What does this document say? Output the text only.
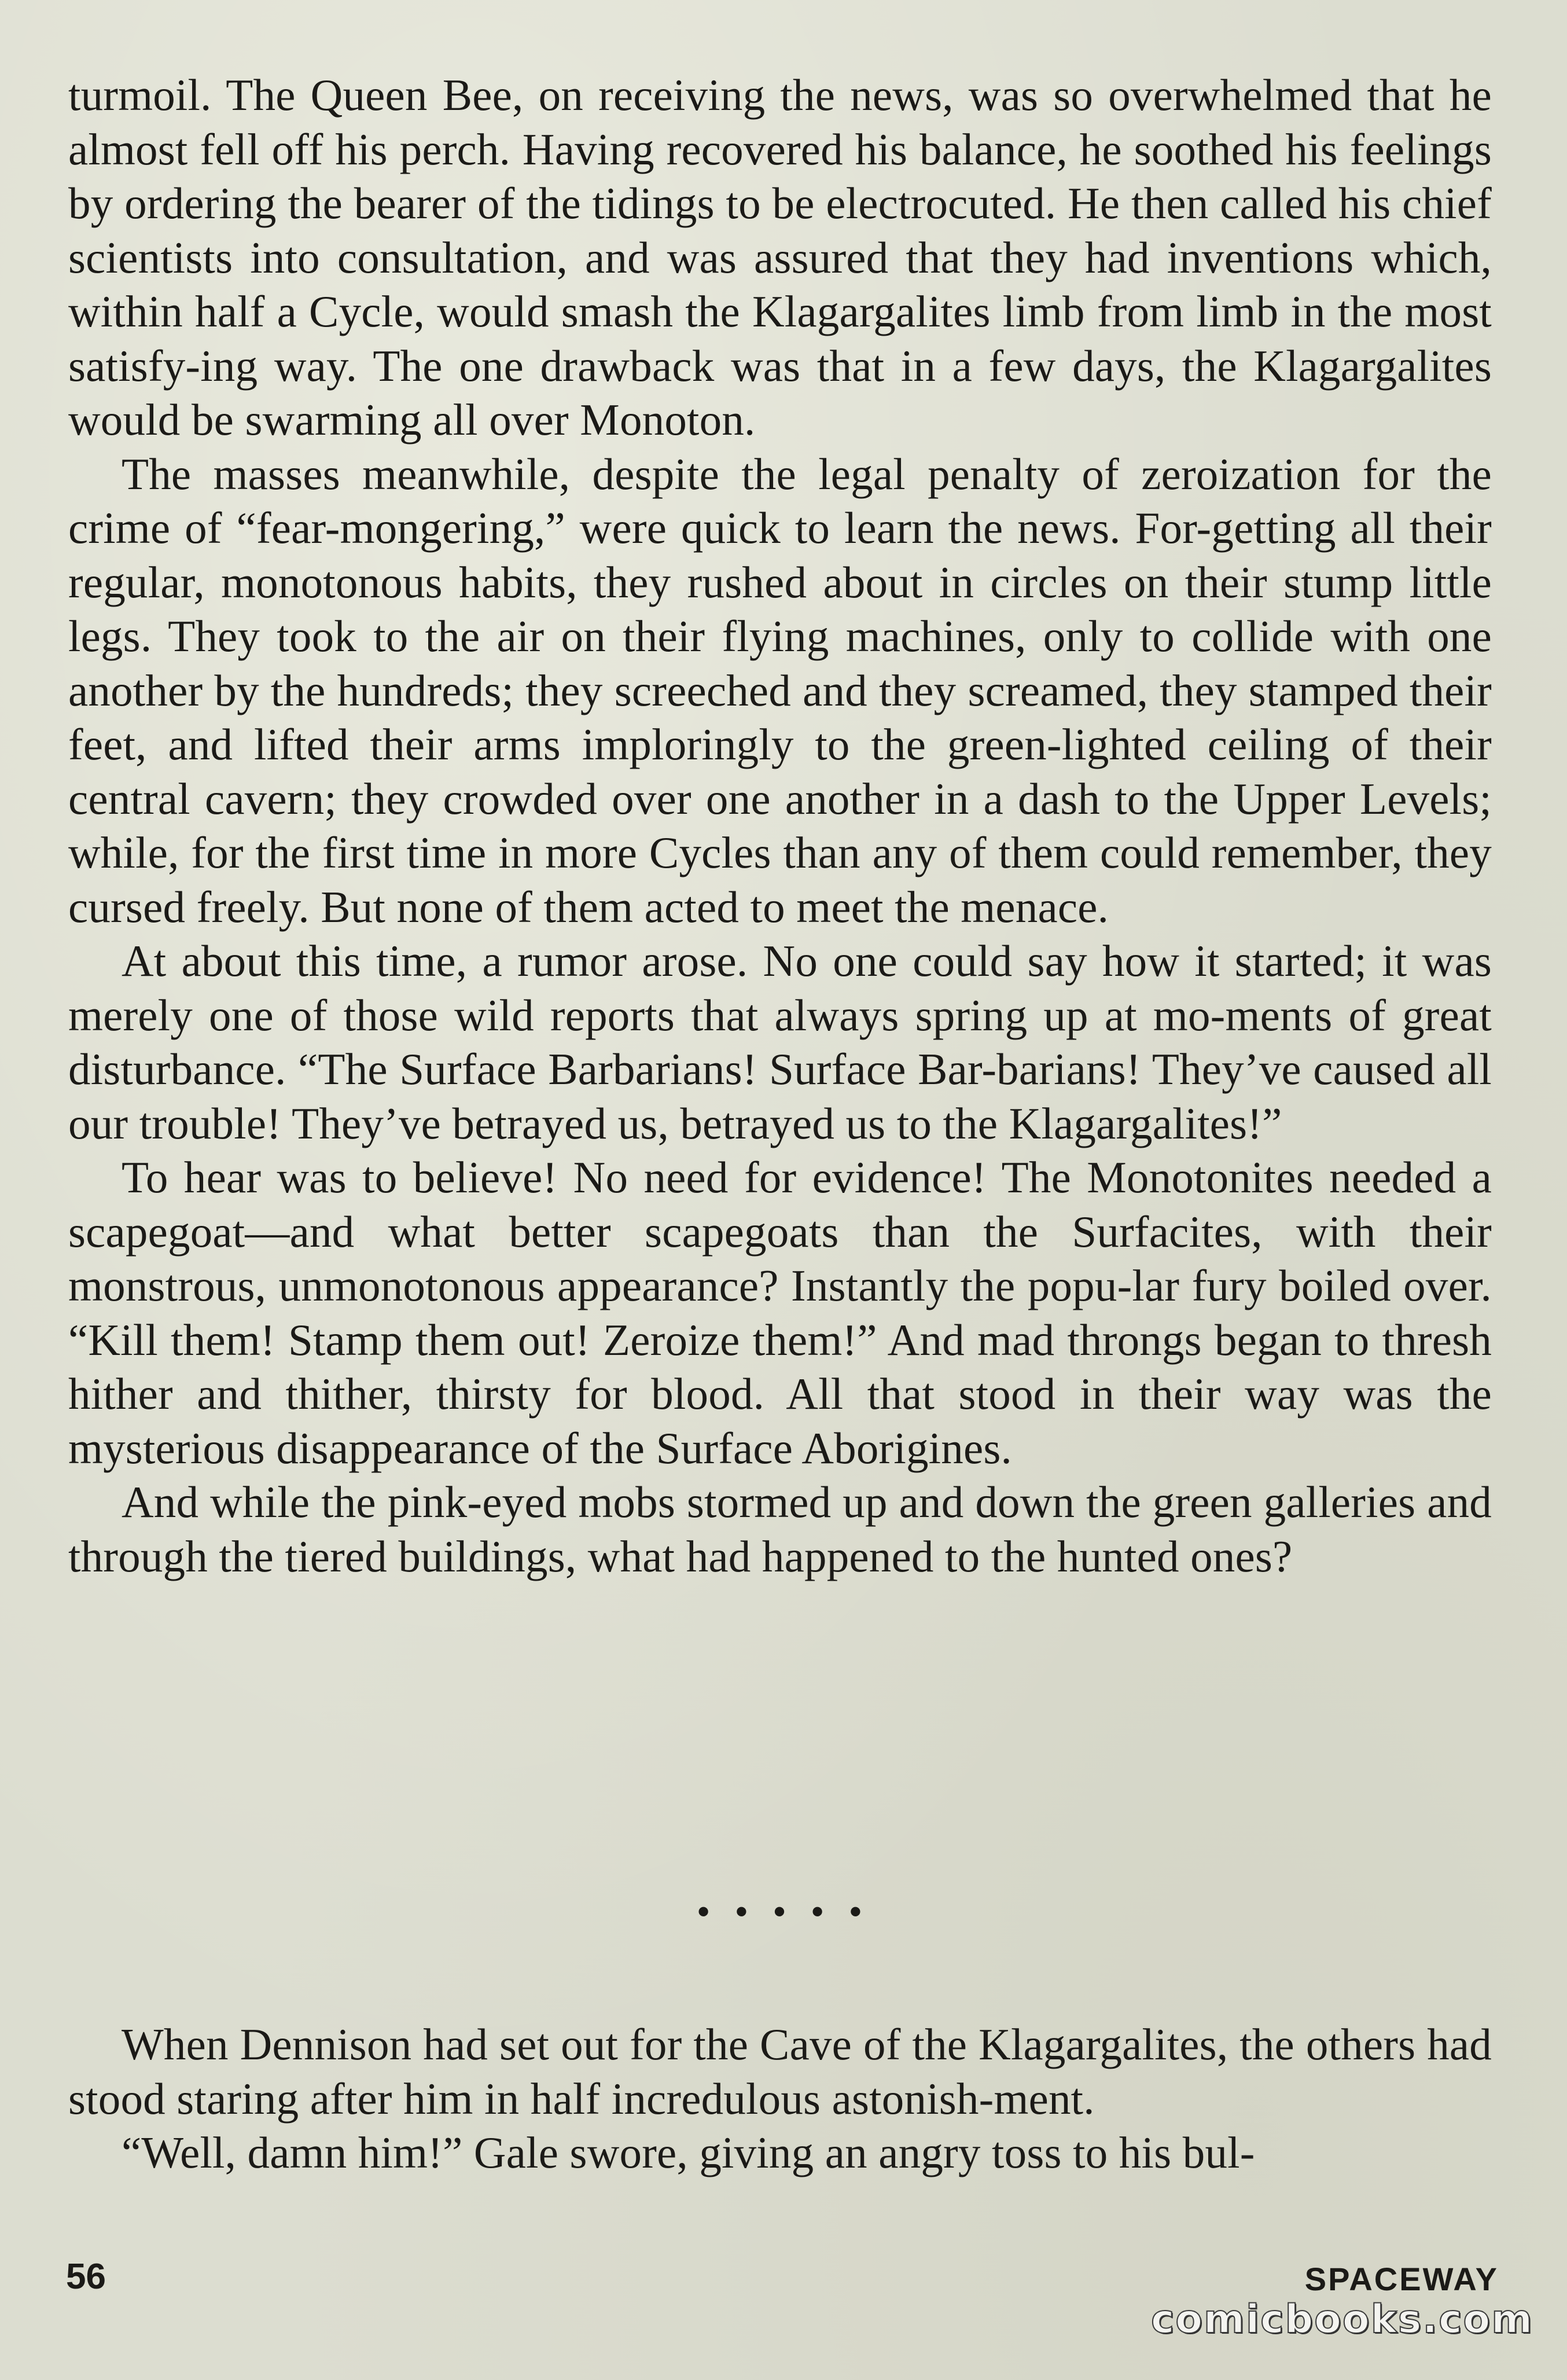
turmoil. The Queen Bee, on receiving the news, was so overwhelmed that he almost fell off his perch. Having recovered his balance, he soothed his feelings by ordering the bearer of the tidings to be electrocuted. He then called his chief scientists into consultation, and was assured that they had inventions which, within half a Cycle, would smash the Klagargalites limb from limb in the most satisfy-ing way. The one drawback was that in a few days, the Klagargalites would be swarming all over Monoton.

The masses meanwhile, despite the legal penalty of zeroization for the crime of “fear-mongering,” were quick to learn the news. For-getting all their regular, monotonous habits, they rushed about in circles on their stump little legs. They took to the air on their flying machines, only to collide with one another by the hundreds; they screeched and they screamed, they stamped their feet, and lifted their arms imploringly to the green-lighted ceiling of their central cavern; they crowded over one another in a dash to the Upper Levels; while, for the first time in more Cycles than any of them could remember, they cursed freely. But none of them acted to meet the menace.

At about this time, a rumor arose. No one could say how it started; it was merely one of those wild reports that always spring up at mo-ments of great disturbance. “The Surface Barbarians! Surface Bar-barians! They’ve caused all our trouble! They’ve betrayed us, betrayed us to the Klagargalites!”

To hear was to believe! No need for evidence! The Monotonites needed a scapegoat—and what better scapegoats than the Surfacites, with their monstrous, unmonotonous appearance? Instantly the popu-lar fury boiled over. “Kill them! Stamp them out! Zeroize them!” And mad throngs began to thresh hither and thither, thirsty for blood. All that stood in their way was the mysterious disappearance of the Surface Aborigines.

And while the pink-eyed mobs stormed up and down the green galleries and through the tiered buildings, what had happened to the hunted ones?

• • • • •

When Dennison had set out for the Cave of the Klagargalites, the others had stood staring after him in half incredulous astonish-ment.

“Well, damn him!” Gale swore, giving an angry toss to his bul-

56	SPACEWAY
comicbooks.com
